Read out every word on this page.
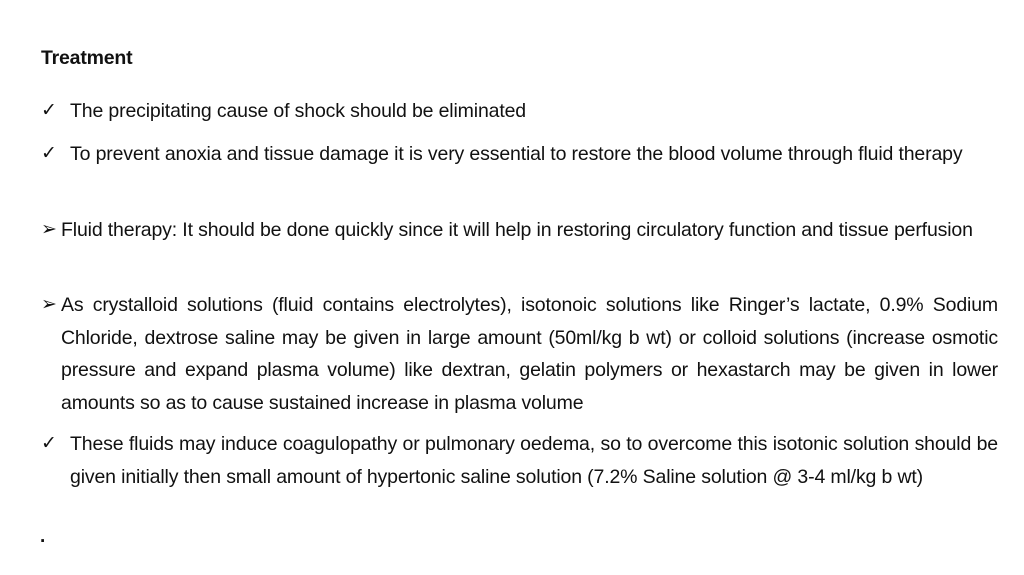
Treatment
✓ The precipitating cause of shock should be eliminated
✓ To prevent anoxia and tissue damage it is very essential to restore the blood volume through fluid therapy
➢ Fluid therapy: It should be done quickly since it will help in restoring circulatory function and tissue perfusion
➢ As crystalloid solutions (fluid contains electrolytes), isotonoic solutions like Ringer’s lactate, 0.9% Sodium Chloride, dextrose saline may be given in large amount (50ml/kg b wt) or colloid solutions (increase osmotic pressure and expand plasma volume) like dextran, gelatin polymers or hexastarch may be given in lower amounts so as to cause sustained increase in plasma volume
✓ These fluids may induce coagulopathy or pulmonary oedema, so to overcome this isotonic solution should be given initially then small amount of hypertonic saline solution (7.2% Saline solution @ 3-4 ml/kg b wt)
.
